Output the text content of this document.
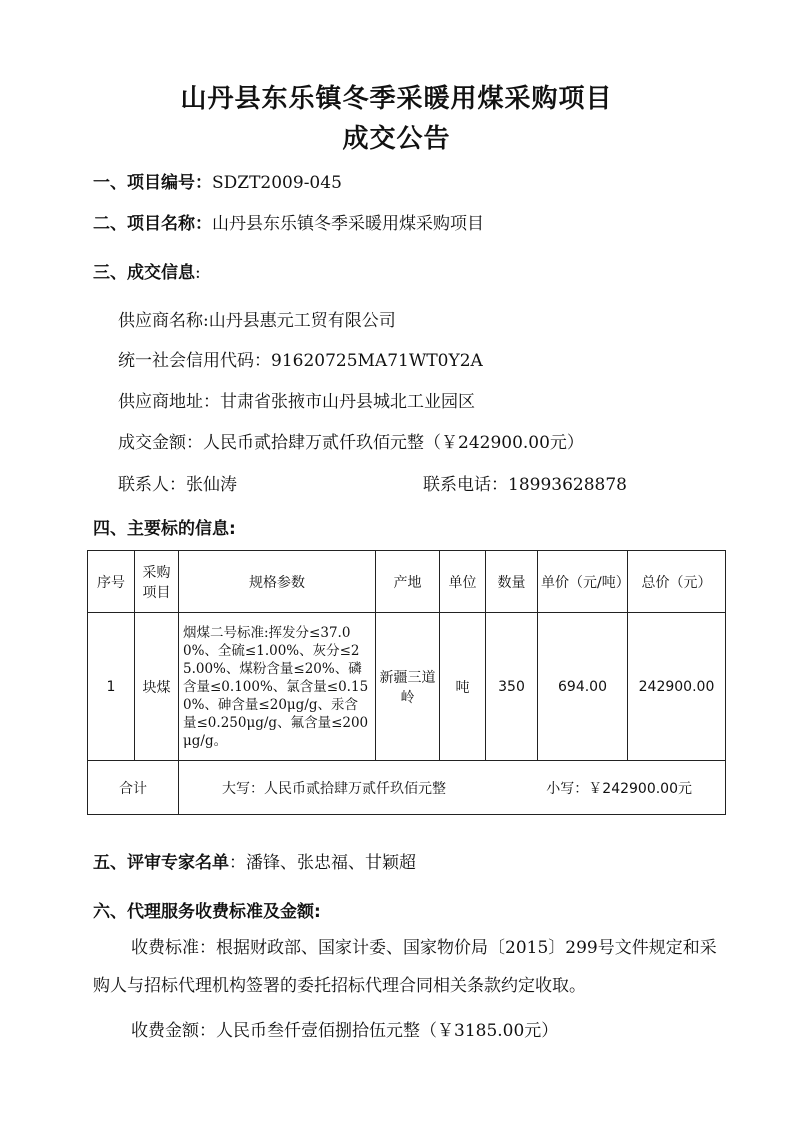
山丹县东乐镇冬季采暖用煤采购项目
成交公告
一、项目编号：SDZT2009-045
二、项目名称：山丹县东乐镇冬季采暖用煤采购项目
三、成交信息:
供应商名称:山丹县惠元工贸有限公司
统一社会信用代码：91620725MA71WT0Y2A
供应商地址：甘肃省张掖市山丹县城北工业园区
成交金额：人民币贰拾肆万贰仟玖佰元整（￥242900.00元）
联系人：张仙涛	联系电话：18993628878
四、主要标的信息:
序号	采购项目	规格参数	产地	单位	数量	单价（元/吨）	总价（元）
1	块煤	烟煤二号标准:挥发分≤37.00%、全硫≤1.00%、灰分≤25.00%、煤粉含量≤20%、磷含量≤0.100%、氯含量≤0.150%、砷含量≤20μg/g、汞含量≤0.250μg/g、氟含量≤200μg/g。	新疆三道岭	吨	350	694.00	242900.00
合计		大写：人民币贰拾肆万贰仟玖佰元整 小写：￥242900.00元					
五、评审专家名单：潘锋、张忠福、甘颖超
六、代理服务收费标准及金额:
收费标准：根据财政部、国家计委、国家物价局〔2015〕299号文件规定和采购人与招标代理机构签署的委托招标代理合同相关条款约定收取。
收费金额：人民币叁仟壹佰捌拾伍元整（￥3185.00元）
